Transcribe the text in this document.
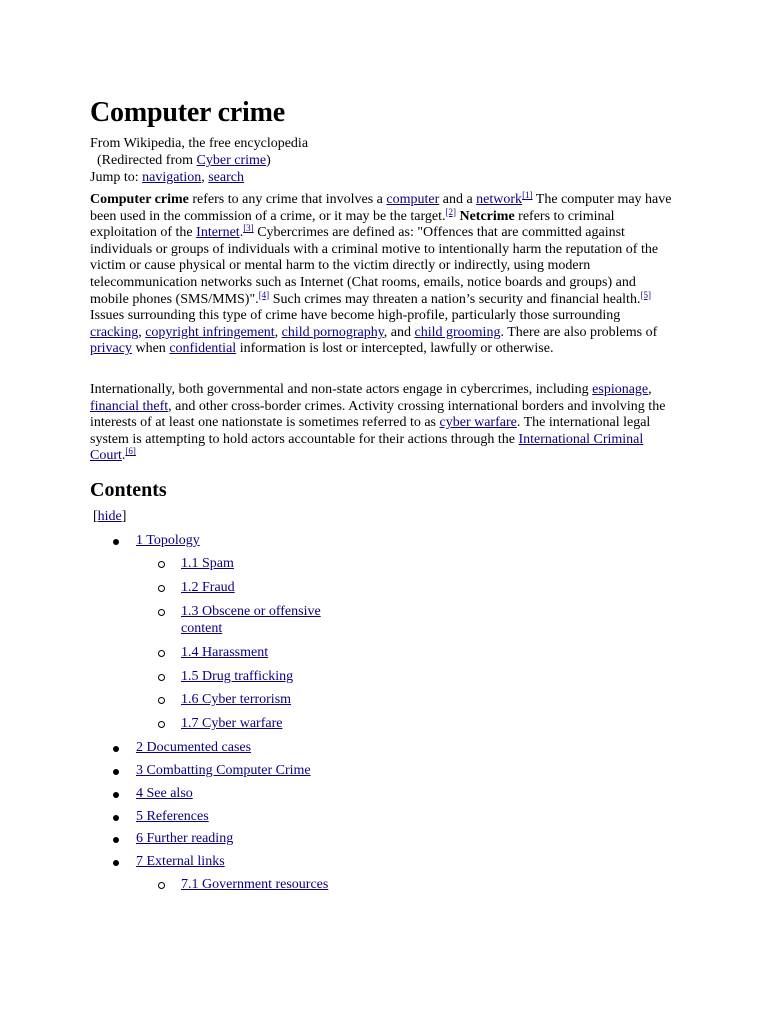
Computer crime
From Wikipedia, the free encyclopedia
(Redirected from Cyber crime)
Jump to: navigation, search

Computer crime refers to any crime that involves a computer and a network[1] The computer may have been used in the commission of a crime, or it may be the target.[2] Netcrime refers to criminal exploitation of the Internet.[3] Cybercrimes are defined as: "Offences that are committed against individuals or groups of individuals with a criminal motive to intentionally harm the reputation of the victim or cause physical or mental harm to the victim directly or indirectly, using modern telecommunication networks such as Internet (Chat rooms, emails, notice boards and groups) and mobile phones (SMS/MMS)".[4] Such crimes may threaten a nation’s security and financial health.[5] Issues surrounding this type of crime have become high-profile, particularly those surrounding cracking, copyright infringement, child pornography, and child grooming. There are also problems of privacy when confidential information is lost or intercepted, lawfully or otherwise.

Internationally, both governmental and non-state actors engage in cybercrimes, including espionage, financial theft, and other cross-border crimes. Activity crossing international borders and involving the interests of at least one nationstate is sometimes referred to as cyber warfare. The international legal system is attempting to hold actors accountable for their actions through the International Criminal Court.[6]

Contents
[hide]
1 Topology
1.1 Spam
1.2 Fraud
1.3 Obscene or offensive content
1.4 Harassment
1.5 Drug trafficking
1.6 Cyber terrorism
1.7 Cyber warfare
2 Documented cases
3 Combatting Computer Crime
4 See also
5 References
6 Further reading
7 External links
7.1 Government resources
